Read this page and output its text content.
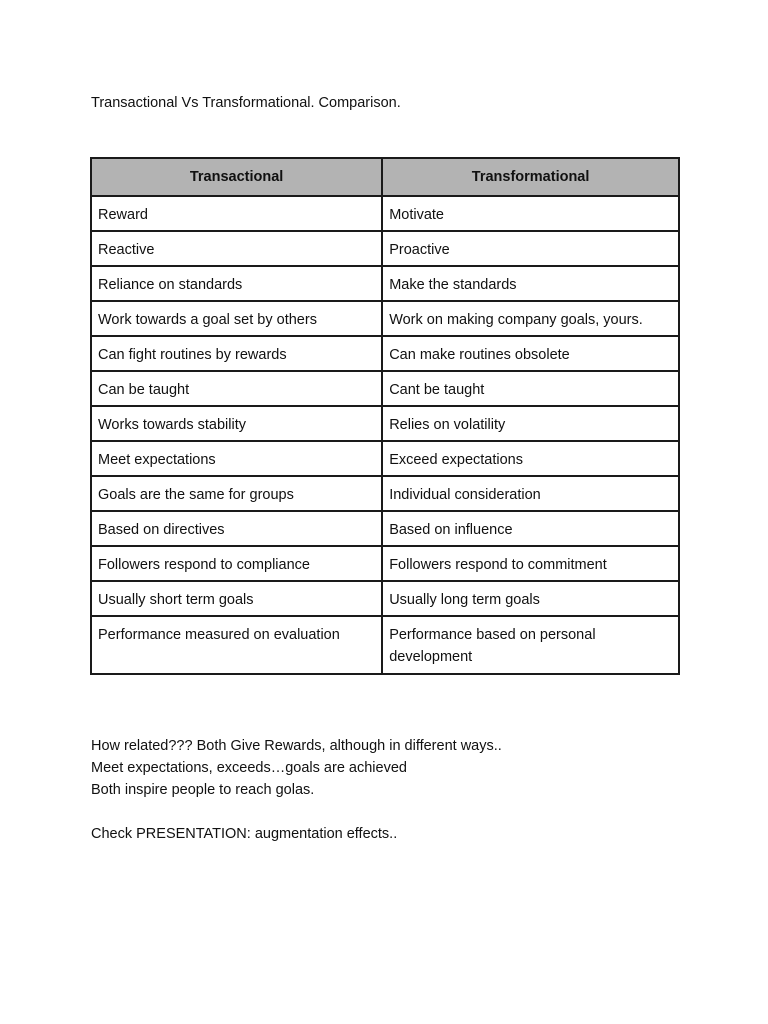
Transactional Vs Transformational. Comparison.
Transactional	Transformational
Reward	Motivate
Reactive	Proactive
Reliance on standards	Make the standards
Work towards a goal set by others	Work on making company goals, yours.
Can fight routines by rewards	Can make routines obsolete
Can be taught	Cant be taught
Works towards stability	Relies on volatility
Meet expectations	Exceed expectations
Goals are the same for groups	Individual consideration
Based on directives	Based on influence
Followers respond to compliance	Followers respond to commitment
Usually short term goals	Usually long term goals
Performance measured on evaluation	Performance based on personal development

How related??? Both Give Rewards, although in different ways..

Meet expectations, exceeds…goals are achieved

Both inspire people to reach golas.

Check PRESENTATION: augmentation effects..
